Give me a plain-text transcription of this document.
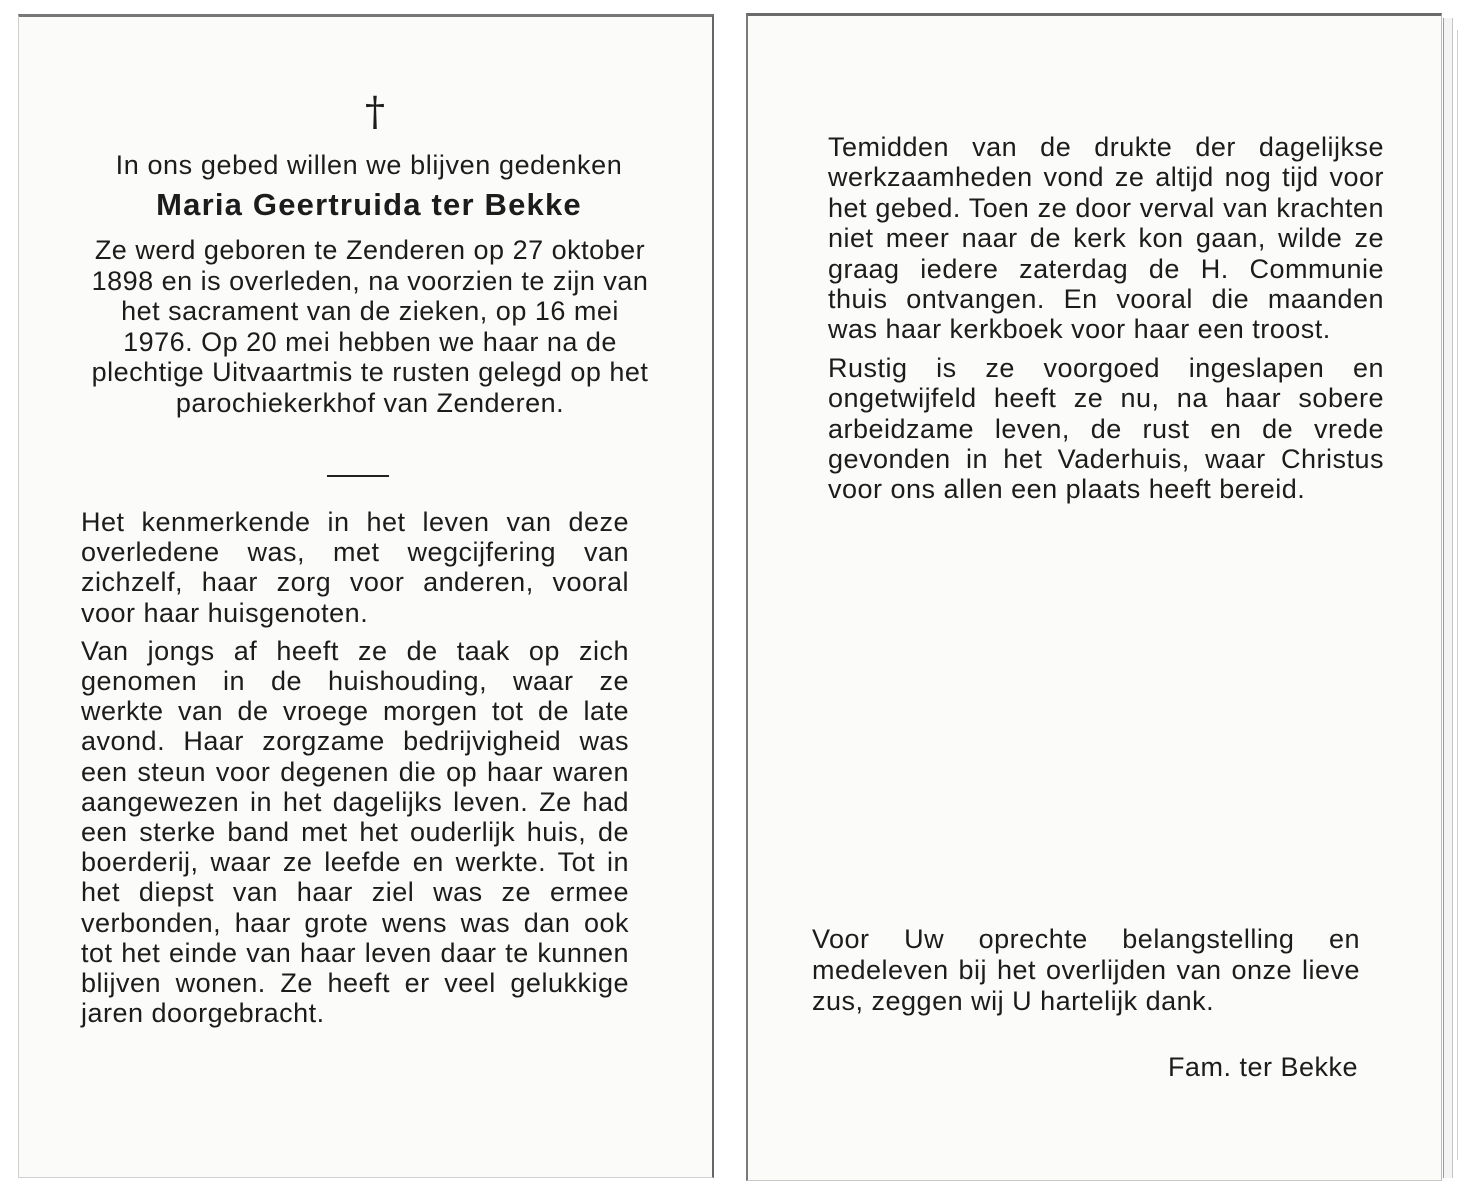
†
In ons gebed willen we blijven gedenken
Maria Geertruida ter Bekke
Ze werd geboren te Zenderen op 27 oktober 1898 en is overleden, na voorzien te zijn van het sacrament van de zieken, op 16 mei 1976. Op 20 mei hebben we haar na de plechtige Uitvaartmis te rusten gelegd op het parochiekerkhof van Zenderen.

Het kenmerkende in het leven van deze overledene was, met wegcijfering van zichzelf, haar zorg voor anderen, vooral voor haar huisgenoten.

Van jongs af heeft ze de taak op zich genomen in de huishouding, waar ze werkte van de vroege morgen tot de late avond. Haar zorgzame bedrijvigheid was een steun voor degenen die op haar waren aangewezen in het dagelijks leven. Ze had een sterke band met het ouderlijk huis, de boerderij, waar ze leefde en werkte. Tot in het diepst van haar ziel was ze ermee verbonden, haar grote wens was dan ook tot het einde van haar leven daar te kunnen blijven wonen. Ze heeft er veel gelukkige jaren doorgebracht.

Temidden van de drukte der dagelijkse werkzaamheden vond ze altijd nog tijd voor het gebed. Toen ze door verval van krachten niet meer naar de kerk kon gaan, wilde ze graag iedere zaterdag de H. Communie thuis ontvangen. En vooral die maanden was haar kerkboek voor haar een troost.

Rustig is ze voorgoed ingeslapen en ongetwijfeld heeft ze nu, na haar sobere arbeidzame leven, de rust en de vrede gevonden in het Vaderhuis, waar Christus voor ons allen een plaats heeft bereid.

Voor Uw oprechte belangstelling en medeleven bij het overlijden van onze lieve zus, zeggen wij U hartelijk dank.
Fam. ter Bekke
